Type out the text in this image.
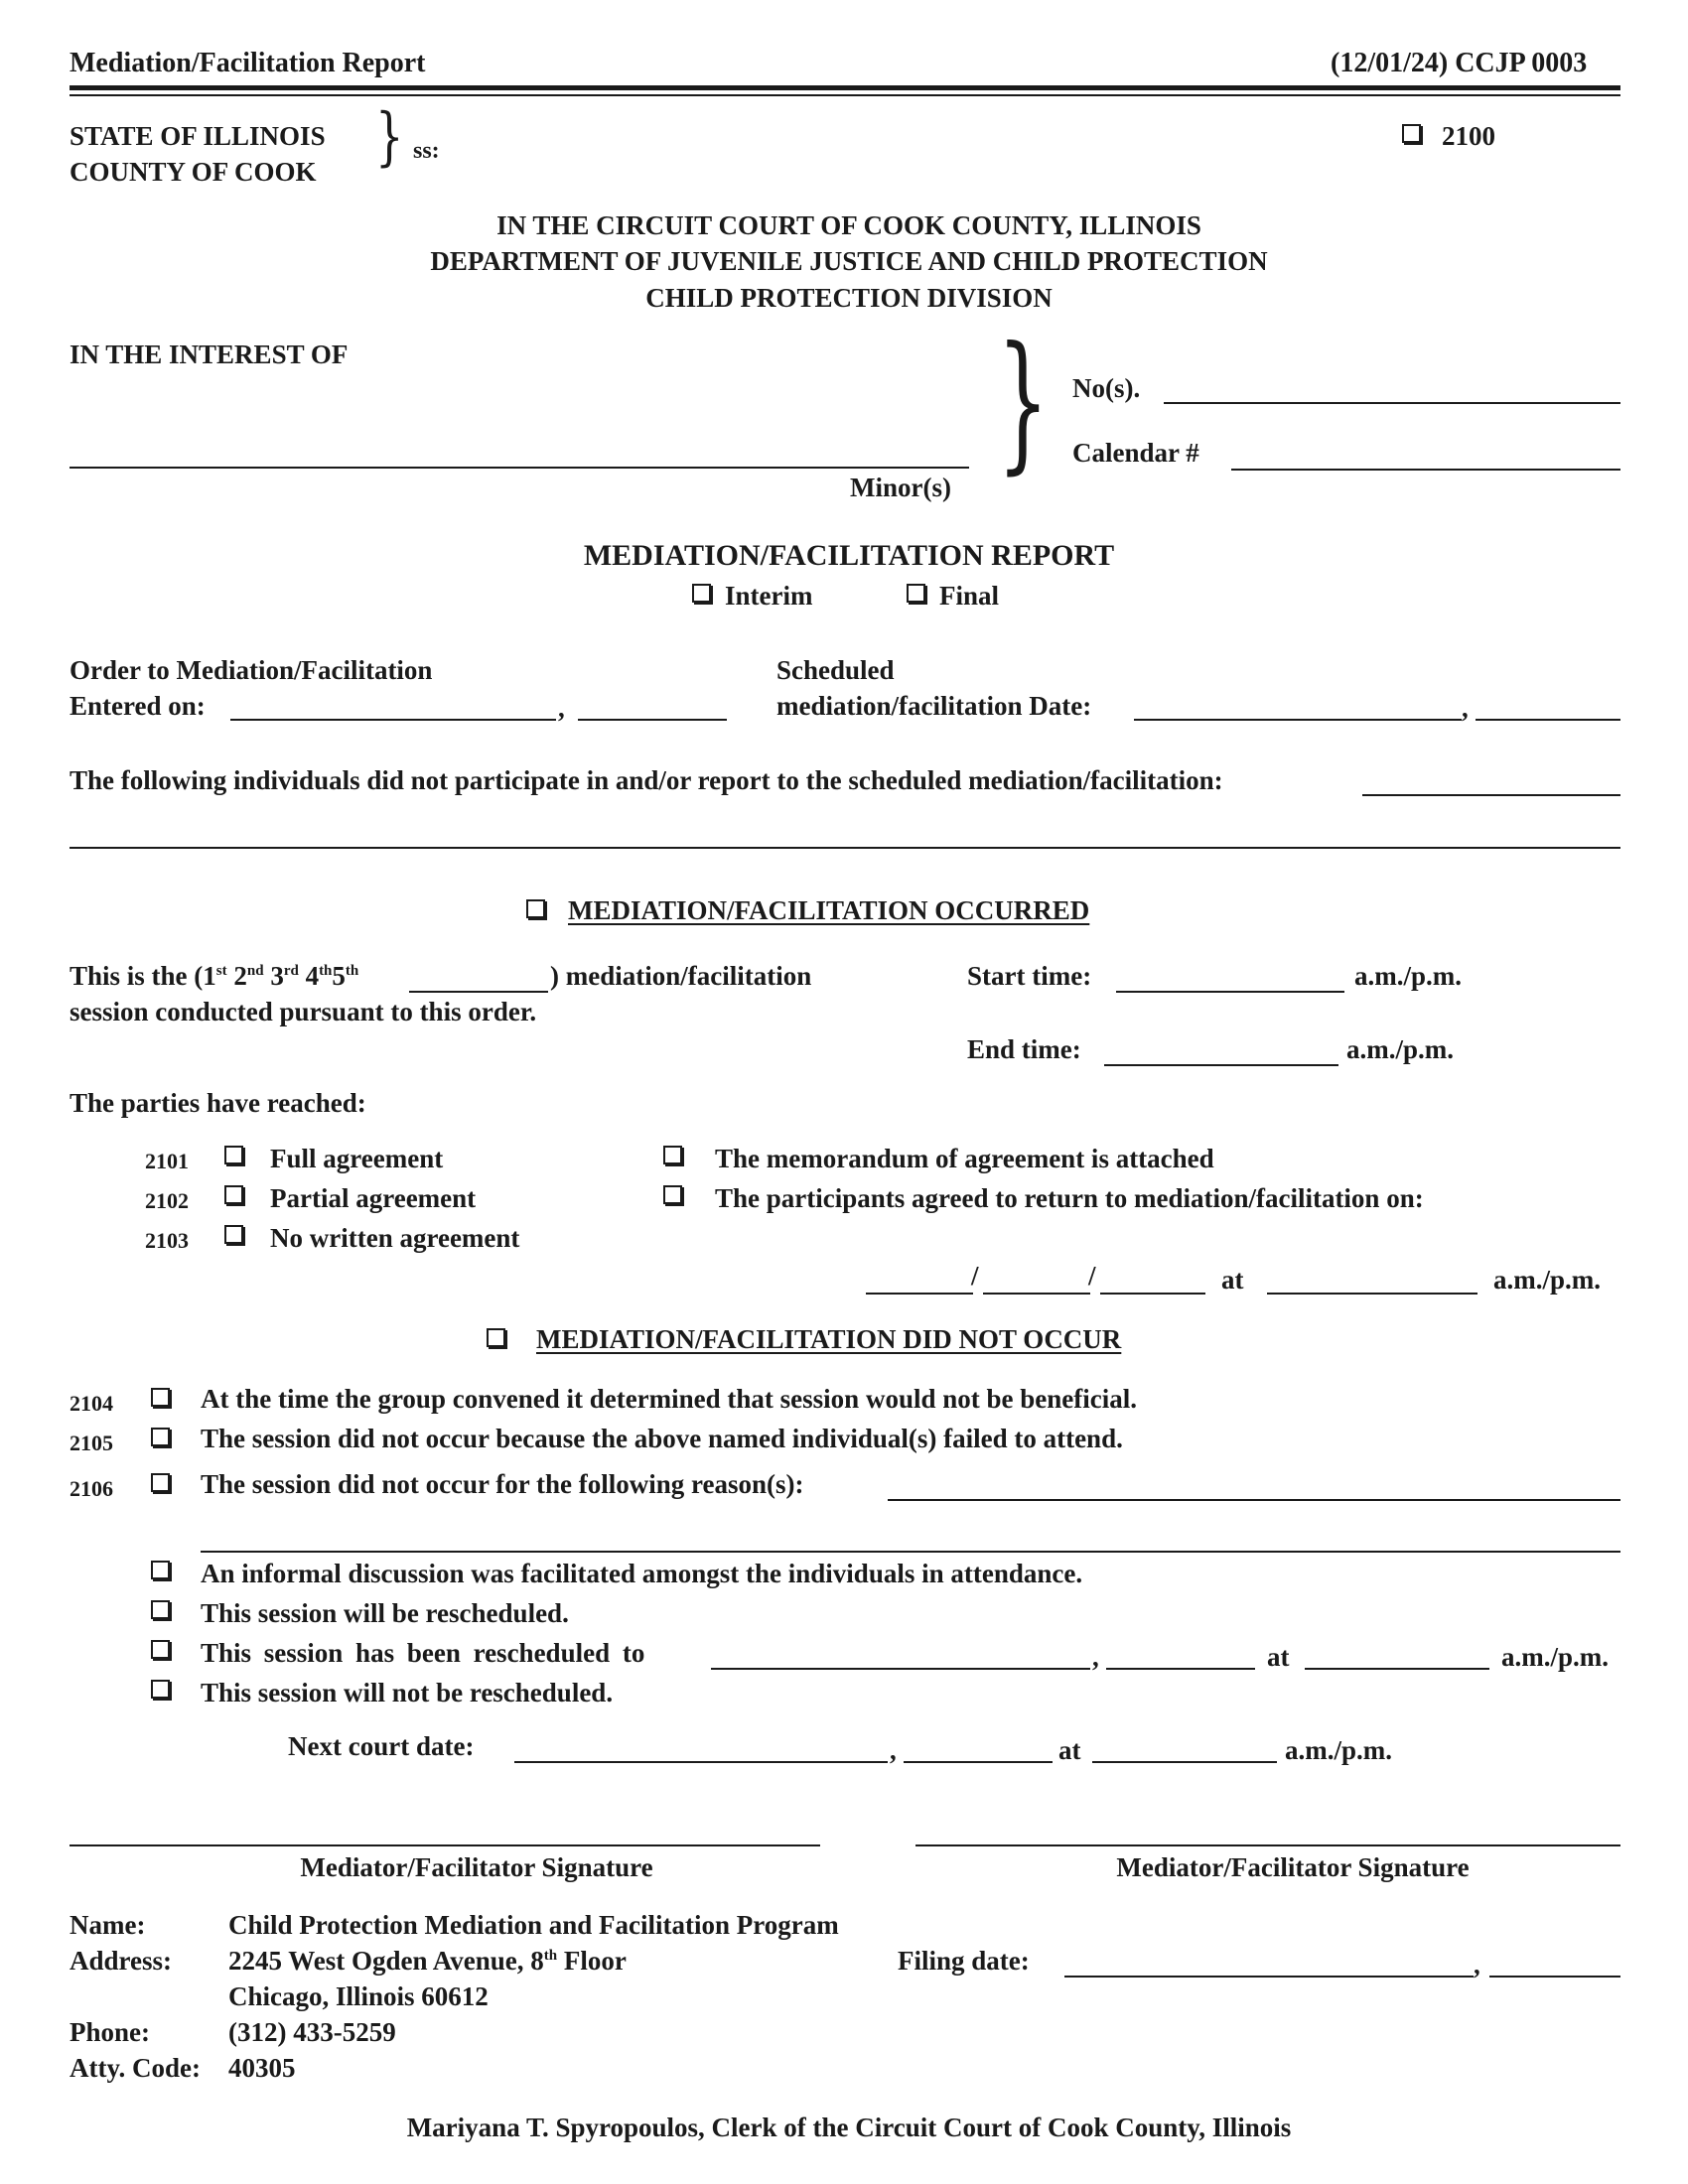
Mediation/Facilitation Report	(12/01/24) CCJP 0003
STATE OF ILLINOIS
COUNTY OF COOK } ss:	2100
IN THE CIRCUIT COURT OF COOK COUNTY, ILLINOIS
DEPARTMENT OF JUVENILE JUSTICE AND CHILD PROTECTION
CHILD PROTECTION DIVISION
IN THE INTEREST OF
Minor(s) } No(s).
Calendar #
MEDIATION/FACILITATION REPORT
Interim	Final
Order to Mediation/Facilitation
Entered on:	,
Scheduled
mediation/facilitation Date:	,
The following individuals did not participate in and/or report to the scheduled mediation/facilitation:
MEDIATION/FACILITATION OCCURRED
This is the (1st 2nd 3rd 4th5th	) mediation/facilitation
session conducted pursuant to this order.
Start time:	a.m./p.m.
End time:	a.m./p.m.
The parties have reached:
2101	Full agreement
2102	Partial agreement
2103	No written agreement
The memorandum of agreement is attached
The participants agreed to return to mediation/facilitation on:
/	/	at	a.m./p.m.
MEDIATION/FACILITATION DID NOT OCCUR
2104	At the time the group convened it determined that session would not be beneficial.
2105	The session did not occur because the above named individual(s) failed to attend.
2106	The session did not occur for the following reason(s):
An informal discussion was facilitated amongst the individuals in attendance.
This session will be rescheduled.
This session has been rescheduled to	,	at	a.m./p.m.
This session will not be rescheduled.
Next court date:	,	at	a.m./p.m.
Mediator/Facilitator Signature	Mediator/Facilitator Signature
Name:	Child Protection Mediation and Facilitation Program
Address: 2245 West Ogden Avenue, 8th Floor
Chicago, Illinois 60612
Phone:	(312) 433-5259
Atty. Code: 40305
Filing date:	,
Mariyana T. Spyropoulos, Clerk of the Circuit Court of Cook County, Illinois
